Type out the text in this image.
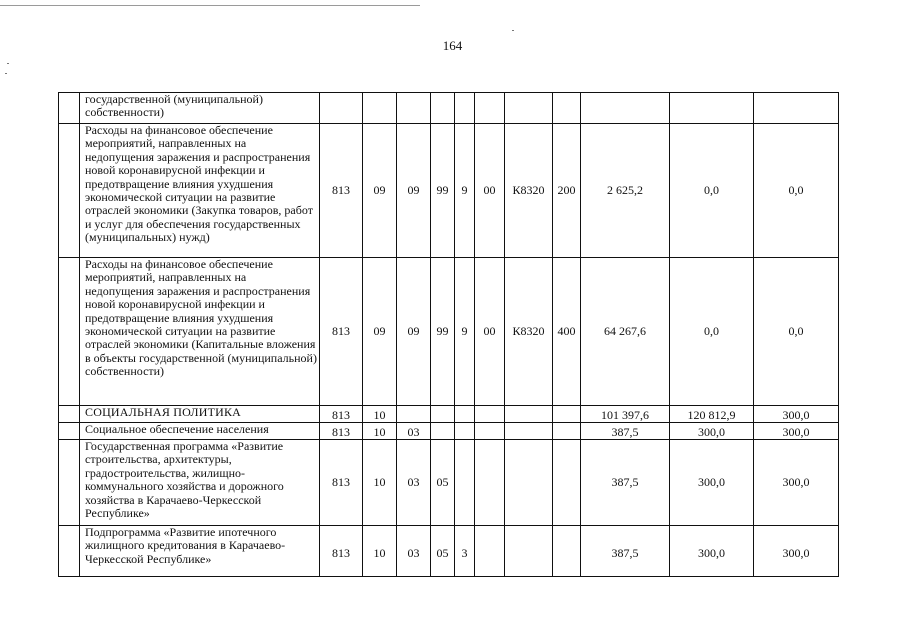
164
	государственной (муниципальной) собственности)											
	Расходы на финансовое обеспечение мероприятий, направленных на недопущения заражения и распространения новой коронавирусной инфекции и предотвращение влияния ухудшения экономической ситуации на развитие отраслей экономики (Закупка товаров, работ и услуг для обеспечения государственных (муниципальных) нужд)	813	09	09	99	9	00	К8320	200	2 625,2	0,0	0,0
	Расходы на финансовое обеспечение мероприятий, направленных на недопущения заражения и распространения новой коронавирусной инфекции и предотвращение влияния ухудшения экономической ситуации на развитие отраслей экономики (Капитальные вложения в объекты государственной (муниципальной) собственности)	813	09	09	99	9	00	К8320	400	64 267,6	0,0	0,0
	СОЦИАЛЬНАЯ ПОЛИТИКА	813	10							101 397,6	120 812,9	300,0
	Социальное обеспечение населения	813	10	03						387,5	300,0	300,0
	Государственная программа «Развитие строительства, архитектуры, градостроительства, жилищно-коммунального хозяйства и дорожного хозяйства в Карачаево-Черкесской Республике»	813	10	03	05					387,5	300,0	300,0
	Подпрограмма «Развитие ипотечного жилищного кредитования в Карачаево-Черкесской Республике»	813	10	03	05	3				387,5	300,0	300,0
